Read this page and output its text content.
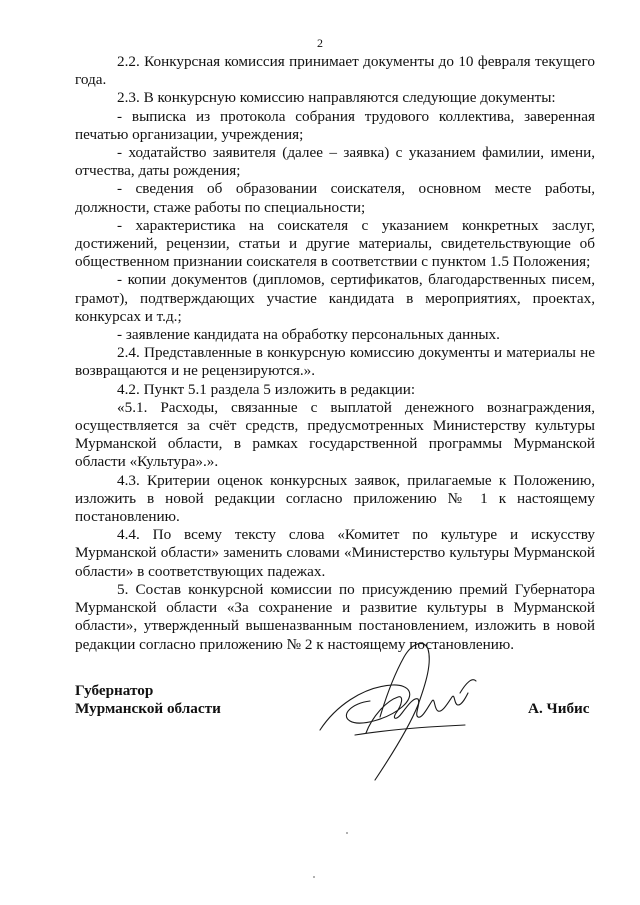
2

2.2. Конкурсная комиссия принимает документы до 10 февраля текущего года.

2.3. В конкурсную комиссию направляются следующие документы:

- выписка из протокола собрания трудового коллектива, заверенная печатью организации, учреждения;

- ходатайство заявителя (далее – заявка) с указанием фамилии, имени, отчества, даты рождения;

- сведения об образовании соискателя, основном месте работы, должности, стаже работы по специальности;

- характеристика на соискателя с указанием конкретных заслуг, достижений, рецензии, статьи и другие материалы, свидетельствующие об общественном признании соискателя в соответствии с пунктом 1.5 Положения;

- копии документов (дипломов, сертификатов, благодарственных писем, грамот), подтверждающих участие кандидата в мероприятиях, проектах, конкурсах и т.д.;

- заявление кандидата на обработку персональных данных.

2.4. Представленные в конкурсную комиссию документы и материалы не возвращаются и не рецензируются.».

4.2. Пункт 5.1 раздела 5 изложить в редакции:

«5.1. Расходы, связанные с выплатой денежного вознаграждения, осуществляется за счёт средств, предусмотренных Министерству культуры Мурманской области, в рамках государственной программы Мурманской области «Культура».».

4.3. Критерии оценок конкурсных заявок, прилагаемые к Положению, изложить в новой редакции согласно приложению № 1 к настоящему постановлению.

4.4. По всему тексту слова «Комитет по культуре и искусству Мурманской области» заменить словами «Министерство культуры Мурманской области» в соответствующих падежах.

5. Состав конкурсной комиссии по присуждению премий Губернатора Мурманской области «За сохранение и развитие культуры в Мурманской области», утвержденный вышеназванным постановлением, изложить в новой редакции согласно приложению № 2 к настоящему постановлению.

Губернатор
Мурманской области	А. Чибис
